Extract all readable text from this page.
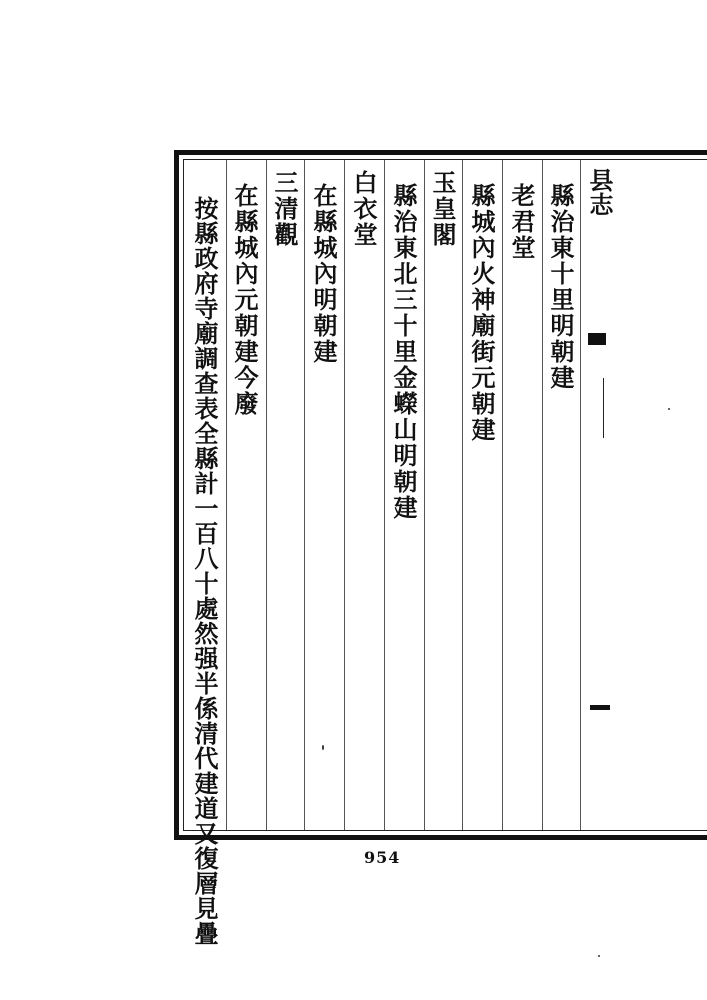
县志
縣治東十里明朝建
老君堂
縣城內火神廟街元朝建
玉皇閣
縣治東北三十里金蠑山明朝建
白衣堂
在縣城內明朝建
三清觀
在縣城內元朝建今廢
按縣政府寺廟調查表全縣計一百八十處然强半係清代建道又復層見疊	954
